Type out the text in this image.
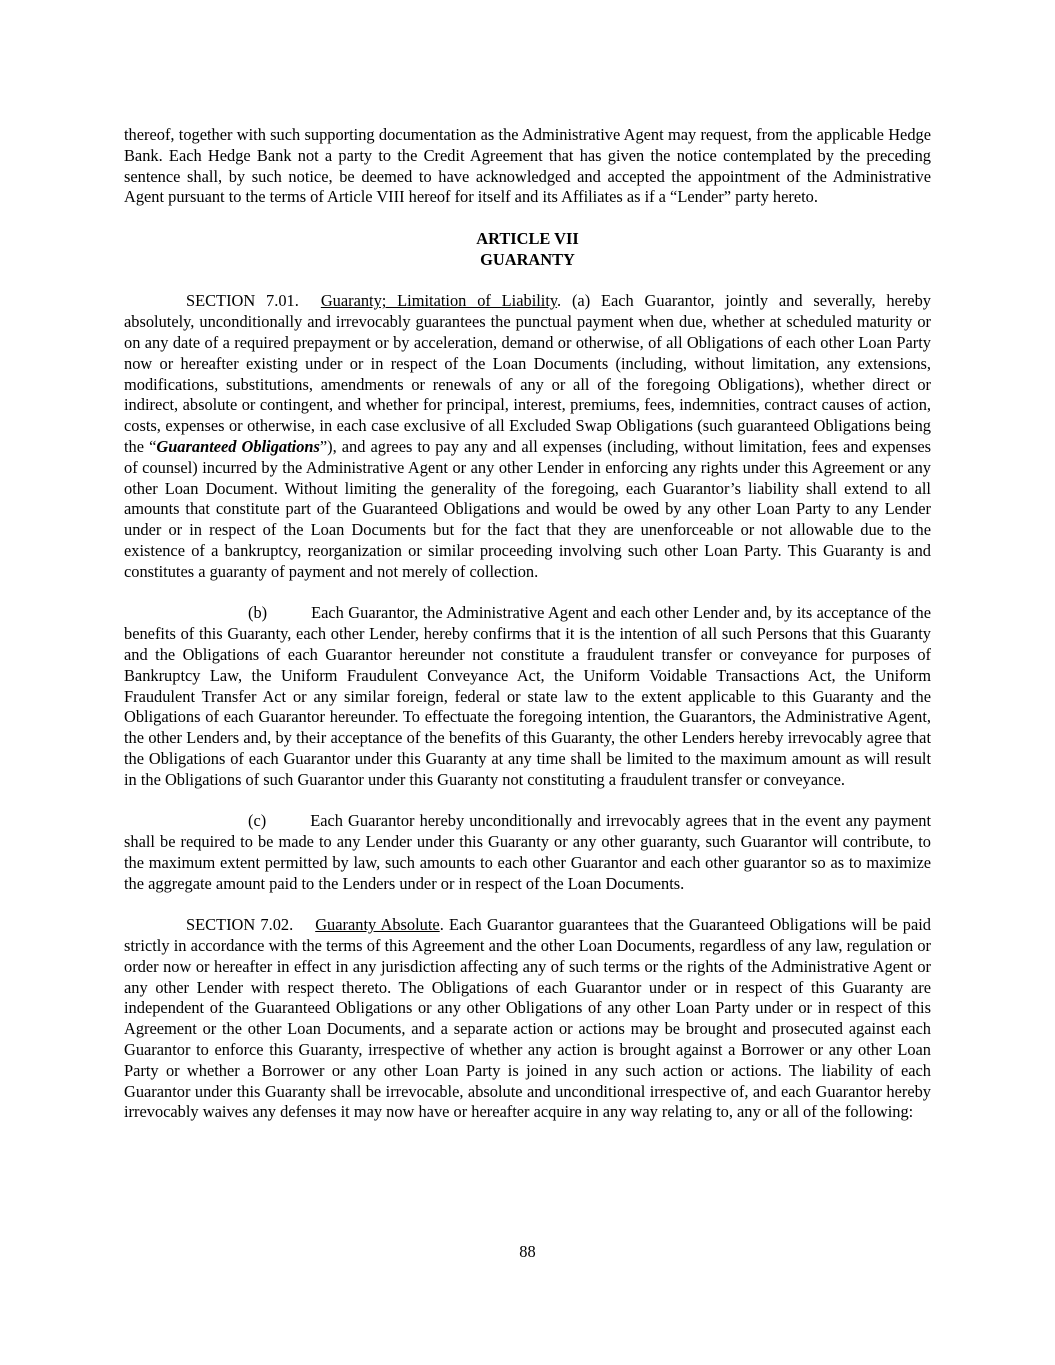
thereof, together with such supporting documentation as the Administrative Agent may request, from the applicable Hedge Bank. Each Hedge Bank not a party to the Credit Agreement that has given the notice contemplated by the preceding sentence shall, by such notice, be deemed to have acknowledged and accepted the appointment of the Administrative Agent pursuant to the terms of Article VIII hereof for itself and its Affiliates as if a “Lender” party hereto.

ARTICLE VII
GUARANTY

SECTION 7.01. Guaranty; Limitation of Liability. (a) Each Guarantor, jointly and severally, hereby absolutely, unconditionally and irrevocably guarantees the punctual payment when due, whether at scheduled maturity or on any date of a required prepayment or by acceleration, demand or otherwise, of all Obligations of each other Loan Party now or hereafter existing under or in respect of the Loan Documents (including, without limitation, any extensions, modifications, substitutions, amendments or renewals of any or all of the foregoing Obligations), whether direct or indirect, absolute or contingent, and whether for principal, interest, premiums, fees, indemnities, contract causes of action, costs, expenses or otherwise, in each case exclusive of all Excluded Swap Obligations (such guaranteed Obligations being the “Guaranteed Obligations”), and agrees to pay any and all expenses (including, without limitation, fees and expenses of counsel) incurred by the Administrative Agent or any other Lender in enforcing any rights under this Agreement or any other Loan Document. Without limiting the generality of the foregoing, each Guarantor’s liability shall extend to all amounts that constitute part of the Guaranteed Obligations and would be owed by any other Loan Party to any Lender under or in respect of the Loan Documents but for the fact that they are unenforceable or not allowable due to the existence of a bankruptcy, reorganization or similar proceeding involving such other Loan Party. This Guaranty is and constitutes a guaranty of payment and not merely of collection.

(b)	Each Guarantor, the Administrative Agent and each other Lender and, by its acceptance of the benefits of this Guaranty, each other Lender, hereby confirms that it is the intention of all such Persons that this Guaranty and the Obligations of each Guarantor hereunder not constitute a fraudulent transfer or conveyance for purposes of Bankruptcy Law, the Uniform Fraudulent Conveyance Act, the Uniform Voidable Transactions Act, the Uniform Fraudulent Transfer Act or any similar foreign, federal or state law to the extent applicable to this Guaranty and the Obligations of each Guarantor hereunder. To effectuate the foregoing intention, the Guarantors, the Administrative Agent, the other Lenders and, by their acceptance of the benefits of this Guaranty, the other Lenders hereby irrevocably agree that the Obligations of each Guarantor under this Guaranty at any time shall be limited to the maximum amount as will result in the Obligations of such Guarantor under this Guaranty not constituting a fraudulent transfer or conveyance.

(c)	Each Guarantor hereby unconditionally and irrevocably agrees that in the event any payment shall be required to be made to any Lender under this Guaranty or any other guaranty, such Guarantor will contribute, to the maximum extent permitted by law, such amounts to each other Guarantor and each other guarantor so as to maximize the aggregate amount paid to the Lenders under or in respect of the Loan Documents.

SECTION 7.02. Guaranty Absolute. Each Guarantor guarantees that the Guaranteed Obligations will be paid strictly in accordance with the terms of this Agreement and the other Loan Documents, regardless of any law, regulation or order now or hereafter in effect in any jurisdiction affecting any of such terms or the rights of the Administrative Agent or any other Lender with respect thereto. The Obligations of each Guarantor under or in respect of this Guaranty are independent of the Guaranteed Obligations or any other Obligations of any other Loan Party under or in respect of this Agreement or the other Loan Documents, and a separate action or actions may be brought and prosecuted against each Guarantor to enforce this Guaranty, irrespective of whether any action is brought against a Borrower or any other Loan Party or whether a Borrower or any other Loan Party is joined in any such action or actions. The liability of each Guarantor under this Guaranty shall be irrevocable, absolute and unconditional irrespective of, and each Guarantor hereby irrevocably waives any defenses it may now have or hereafter acquire in any way relating to, any or all of the following:

88
